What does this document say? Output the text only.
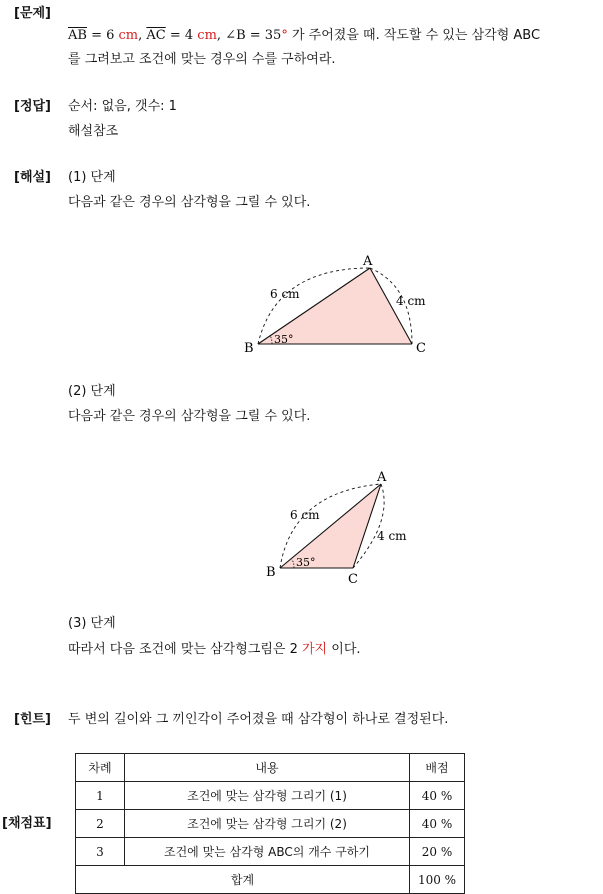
[문제]
$\overline{AB} = 6$ cm, $\overline{AC} = 4$ cm, ∠B = 35° 가 주어졌을 때. 작도할 수 있는 삼각형 ABC
를 그려보고 조건에 맞는 경우의 수를 구하여라.
[정답] 순서: 없음, 갯수: 1
해설참조
[해설] (1) 단계
다음과 같은 경우의 삼각형을 그릴 수 있다.
A
B	C
6 cm	4 cm
35°
A
B	C
6 cm
4 cm
35°
(2) 단계
다음과 같은 경우의 삼각형을 그릴 수 있다.
(3) 단계
따라서 다음 조건에 맞는 삼각형그림은 2 가지 이다.
[힌트] 두 변의 길이와 그 끼인각이 주어졌을 때 삼각형이 하나로 결정된다.
[채점표]
차례	내용	배점
1	조건에 맞는 삼각형 그리기 (1)	40 %
2	조건에 맞는 삼각형 그리기 (2)	40 %
3	조건에 맞는 삼각형 ABC의 개수 구하기	20 %
합계		100 %
